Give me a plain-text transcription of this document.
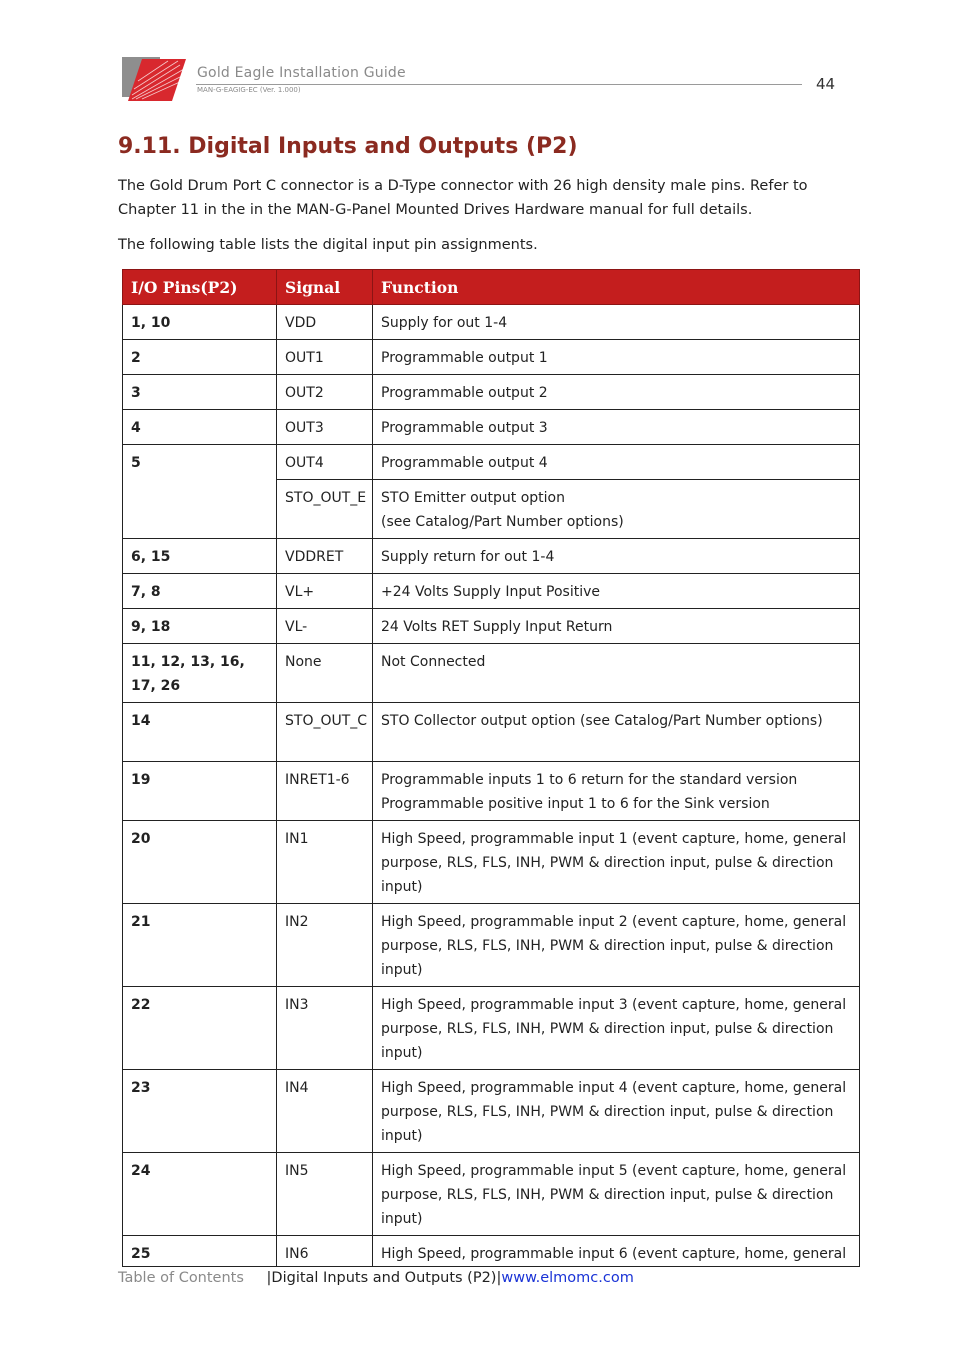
Gold Eagle Installation Guide
MAN-G-EAGIG-EC (Ver. 1.000)	44
9.11. Digital Inputs and Outputs (P2)

The Gold Drum Port C connector is a D-Type connector with 26 high density male pins. Refer to Chapter 11 in the in the MAN-G-Panel Mounted Drives Hardware manual for full details.

The following table lists the digital input pin assignments.

I/O Pins(P2)	Signal	Function
1, 10	VDD	Supply for out 1-4
2	OUT1	Programmable output 1
3	OUT2	Programmable output 2
4	OUT3	Programmable output 3
5	OUT4	Programmable output 4
	STO_OUT_E	STO Emitter output option
(see Catalog/Part Number options)
6, 15	VDDRET	Supply return for out 1-4
7, 8	VL+	+24 Volts Supply Input Positive
9, 18	VL-	24 Volts RET Supply Input Return
11, 12, 13, 16, 17, 26	None	Not Connected
14	STO_OUT_C	STO Collector output option (see Catalog/Part Number options)
19	INRET1-6	Programmable inputs 1 to 6 return for the standard version
Programmable positive input 1 to 6 for the Sink version
20	IN1	High Speed, programmable input 1 (event capture, home, general purpose, RLS, FLS, INH, PWM & direction input, pulse & direction input)
21	IN2	High Speed, programmable input 2 (event capture, home, general purpose, RLS, FLS, INH, PWM & direction input, pulse & direction input)
22	IN3	High Speed, programmable input 3 (event capture, home, general purpose, RLS, FLS, INH, PWM & direction input, pulse & direction input)
23	IN4	High Speed, programmable input 4 (event capture, home, general purpose, RLS, FLS, INH, PWM & direction input, pulse & direction input)
24	IN5	High Speed, programmable input 5 (event capture, home, general purpose, RLS, FLS, INH, PWM & direction input, pulse & direction input)
25	IN6	High Speed, programmable input 6 (event capture, home, general
Table of Contents |Digital Inputs and Outputs (P2)|www.elmomc.com
